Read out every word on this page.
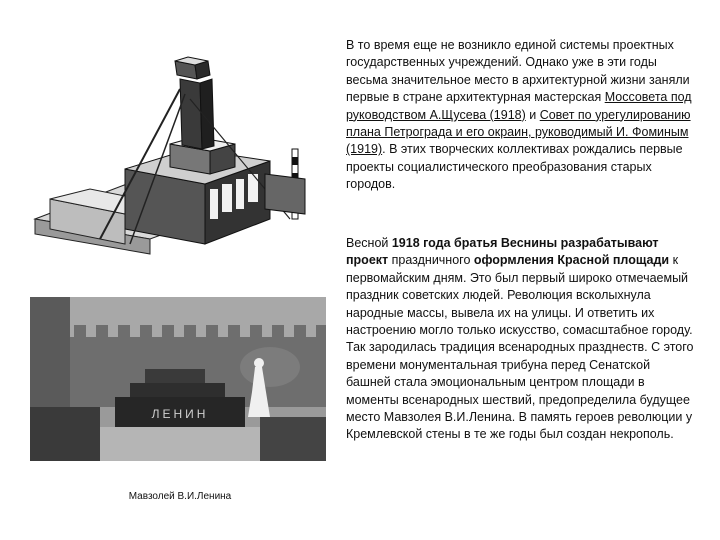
ЛЕНИН
Мавзолей В.И.Ленина

В то время еще не возникло единой системы проектных государственных учреждений. Однако уже в эти годы весьма значительное место в архитектурной жизни заняли первые в стране архитектурная мастерская Моссовета под руководством А.Щусева (1918) и Совет по урегулированию плана Петрограда и его окраин, руководимый И. Фоминым (1919). В этих творческих коллективах рождались первые проекты социалистического преобразования старых городов.

Весной 1918 года братья Веснины разрабатывают проект праздничного оформления Красной площади к первомайским дням. Это был первый широко отмечаемый праздник советских людей. Революция всколыхнула народные массы, вывела их на улицы. И ответить их настроению могло только искусство, сомасштабное городу. Так зародилась традиция всенародных празднеств. С этого времени монументальная трибуна перед Сенатской башней стала эмоциональным центром площади в моменты всенародных шествий, предопределила будущее место Мавзолея В.И.Ленина. В память героев революции у Кремлевской стены в те же годы был создан некрополь.
